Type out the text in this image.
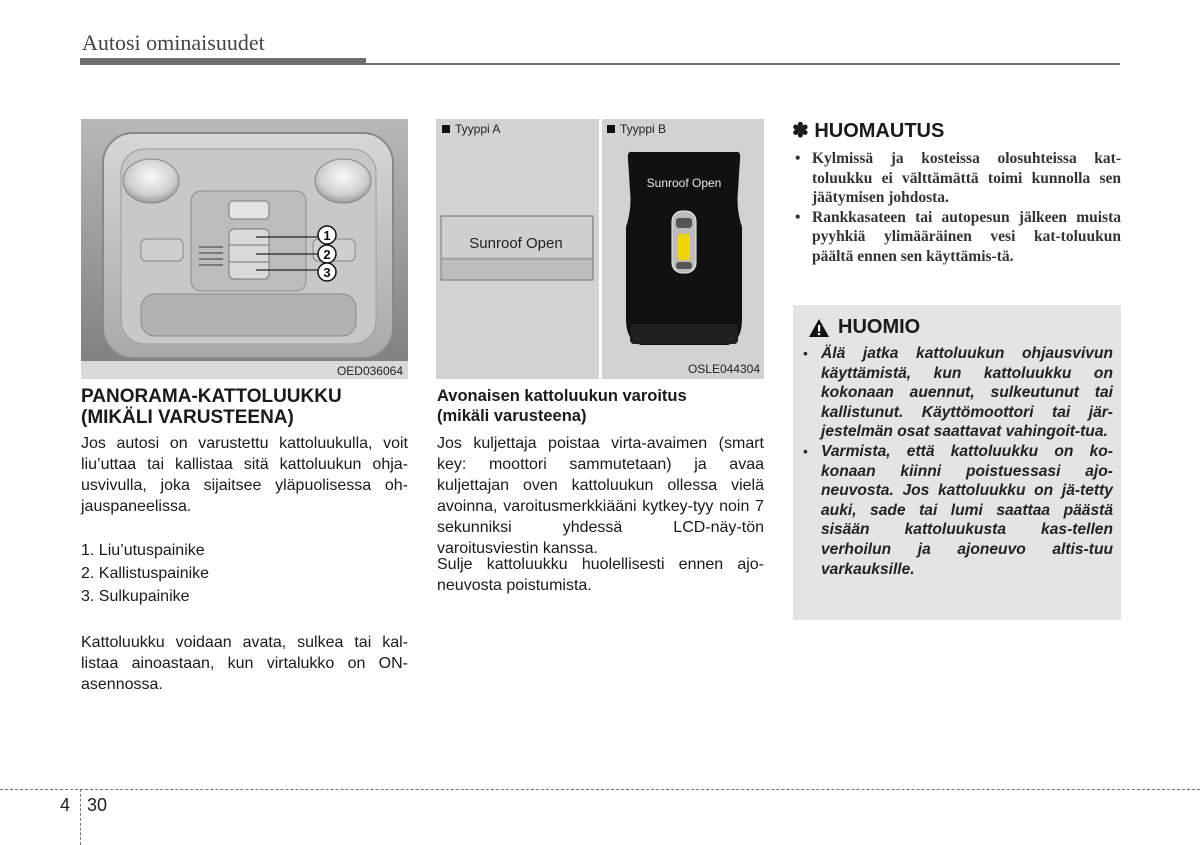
Autosi ominaisuudet
1
2
3
OED036064
Tyyppi A	Tyyppi B
Sunroof Open
Sunroof Open
OSLE044304
PANORAMA-KATTOLUUKKU
(MIKÄLI VARUSTEENA)
Jos autosi on varustettu kattoluukulla, voit liu’uttaa tai kallistaa sitä kattoluukun ohja-usvivulla, joka sijaitsee yläpuolisessa oh-jauspaneelissa.
1. Liu’utuspainike
2. Kallistuspainike
3. Sulkupainike
Kattoluukku voidaan avata, sulkea tai kal-listaa ainoastaan, kun virtalukko on ON-asennossa.
Avonaisen kattoluukun varoitus
(mikäli varusteena)
Jos kuljettaja poistaa virta-avaimen (smart key: moottori sammutetaan) ja avaa kuljettajan oven kattoluukun ollessa vielä avoinna, varoitusmerkkiääni kytkey-tyy noin 7 sekunniksi yhdessä LCD-näy-tön varoitusviestin kanssa.
Sulje kattoluukku huolellisesti ennen ajo-neuvosta poistumista.
✽ HUOMAUTUS
• Kylmissä ja kosteissa olosuhteissa kat-toluukku ei välttämättä toimi kunnolla sen jäätymisen johdosta.
• Rankkasateen tai autopesun jälkeen muista pyyhkiä ylimääräinen vesi kat-toluukun päältä ennen sen käyttämis-tä.
HUOMIO
• Älä jatka kattoluukun ohjausvivun käyttämistä, kun kattoluukku on kokonaan auennut, sulkeutunut tai kallistunut. Käyttömoottori tai jär-jestelmän osat saattavat vahingoit-tua.
• Varmista, että kattoluukku on ko-konaan kiinni poistuessasi ajo-neuvosta. Jos kattoluukku on jä-tetty auki, sade tai lumi saattaa päästä sisään kattoluukusta kas-tellen verhoilun ja ajoneuvo altis-tuu varkauksille.
4 30
